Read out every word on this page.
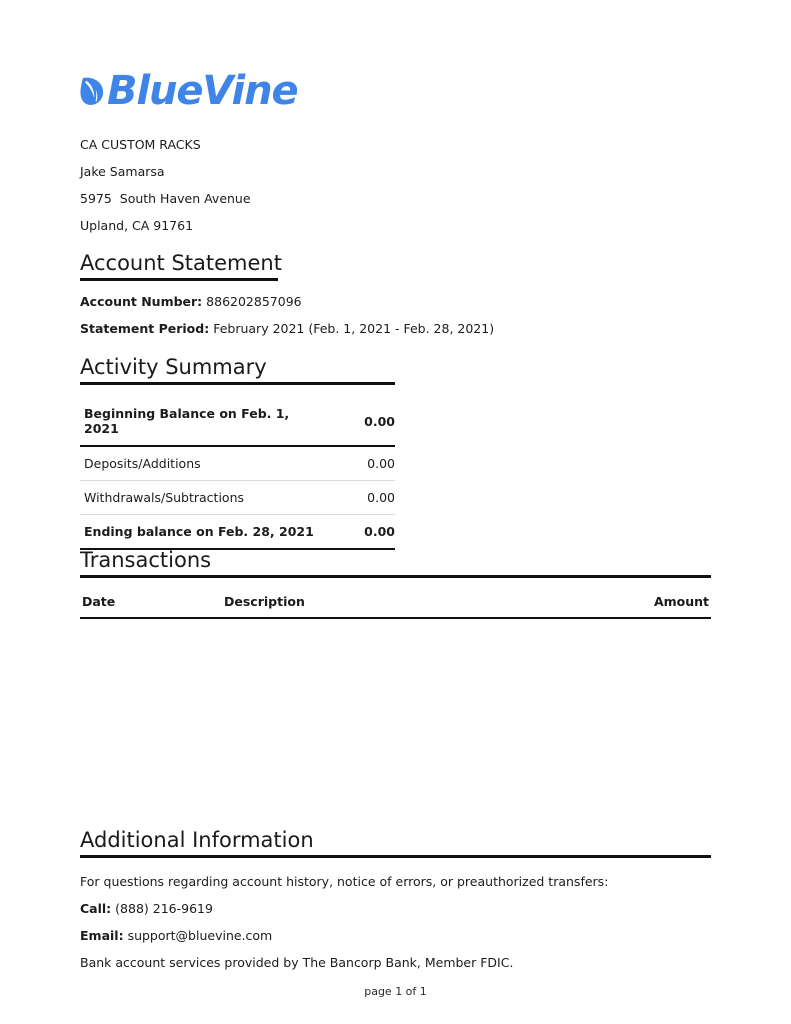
BlueVine
CA CUSTOM RACKS
Jake Samarsa
5975  South Haven Avenue
Upland, CA 91761
Account Statement
Account Number: 886202857096
Statement Period: February 2021 (Feb. 1, 2021 - Feb. 28, 2021)
Activity Summary
Beginning Balance on Feb. 1, 2021	0.00
Deposits/Additions	0.00
Withdrawals/Subtractions	0.00
Ending balance on Feb. 28, 2021	0.00
Transactions
Date	Description	Amount
Additional Information
For questions regarding account history, notice of errors, or preauthorized transfers:
Call: (888) 216-9619
Email: support@bluevine.com
Bank account services provided by The Bancorp Bank, Member FDIC.
page 1 of 1
